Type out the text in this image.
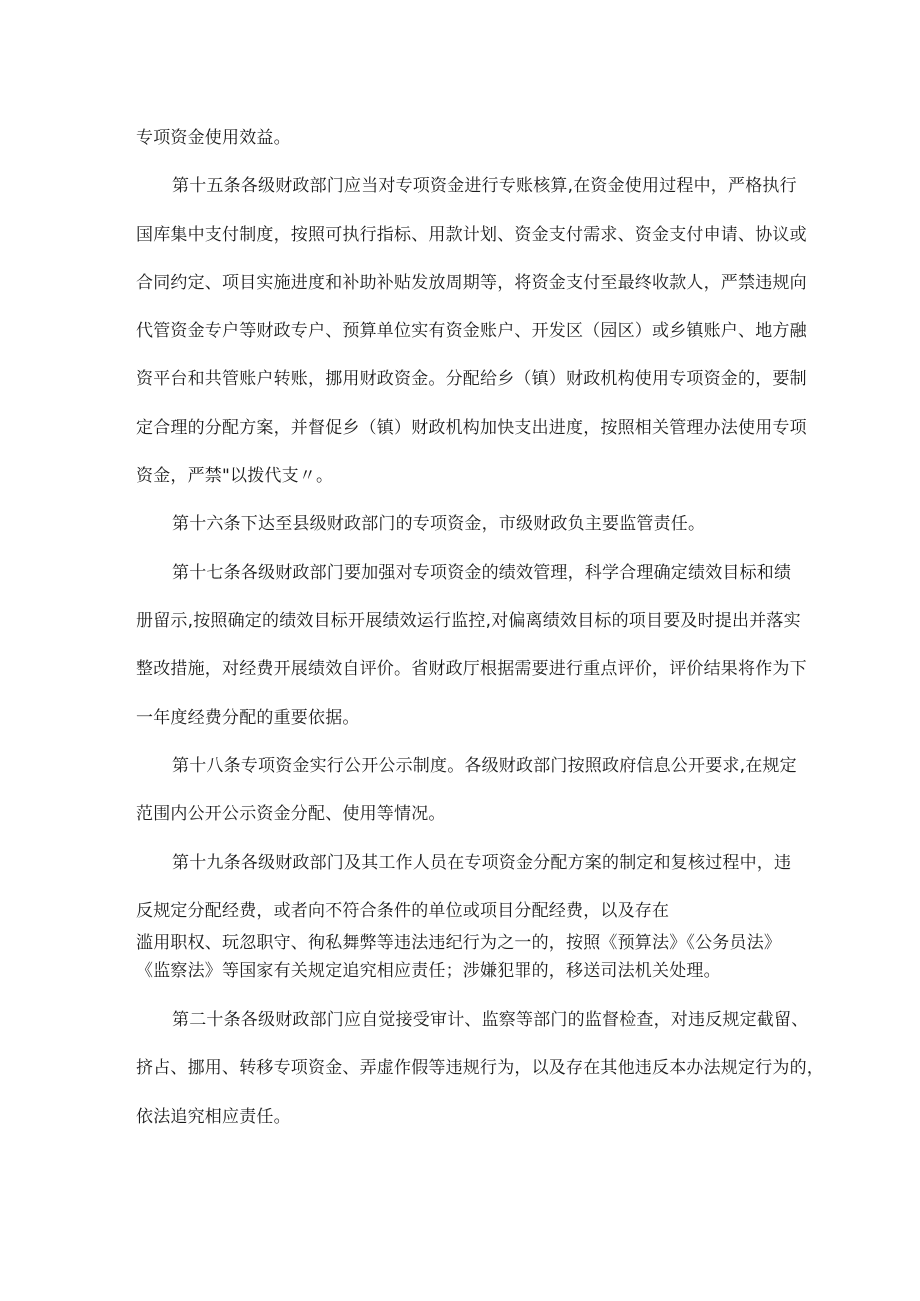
专项资金使用效益。
第十五条各级财政部门应当对专项资金进行专账核算,在资金使用过程中，严格执行
国库集中支付制度，按照可执行指标、用款计划、资金支付需求、资金支付申请、协议或
合同约定、项目实施进度和补助补贴发放周期等，将资金支付至最终收款人，严禁违规向
代管资金专户等财政专户、预算单位实有资金账户、开发区（园区）或乡镇账户、地方融
资平台和共管账户转账，挪用财政资金。分配给乡（镇）财政机构使用专项资金的，要制
定合理的分配方案，并督促乡（镇）财政机构加快支出进度，按照相关管理办法使用专项
资金，严禁"以拨代支〃。
第十六条下达至县级财政部门的专项资金，市级财政负主要监管责任。
第十七条各级财政部门要加强对专项资金的绩效管理，科学合理确定绩效目标和绩
册留示,按照确定的绩效目标开展绩效运行监控,对偏离绩效目标的项目要及时提出并落实
整改措施，对经费开展绩效自评价。省财政厅根据需要进行重点评价，评价结果将作为下
一年度经费分配的重要依据。
第十八条专项资金实行公开公示制度。各级财政部门按照政府信息公开要求,在规定
范围内公开公示资金分配、使用等情况。
第十九条各级财政部门及其工作人员在专项资金分配方案的制定和复核过程中，违
反规定分配经费，或者向不符合条件的单位或项目分配经费，以及存在
滥用职权、玩忽职守、徇私舞弊等违法违纪行为之一的，按照《预算法》《公务员法》
《监察法》等国家有关规定追究相应责任；涉嫌犯罪的，移送司法机关处理。
第二十条各级财政部门应自觉接受审计、监察等部门的监督检查，对违反规定截留、
挤占、挪用、转移专项资金、弄虚作假等违规行为，以及存在其他违反本办法规定行为的，
依法追究相应责任。
